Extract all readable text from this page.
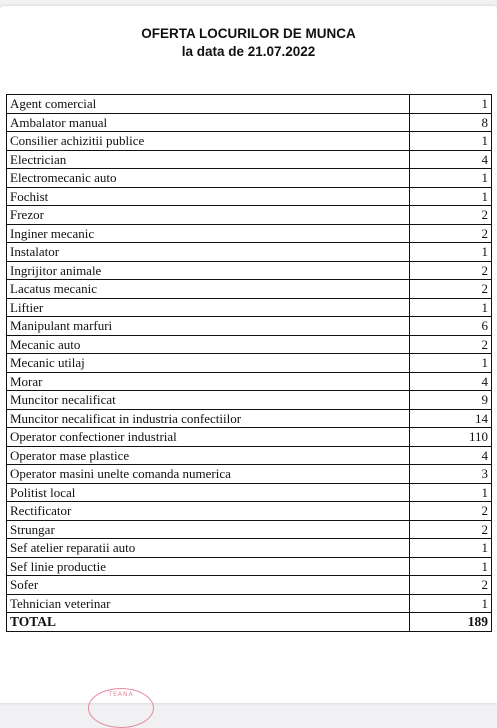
OFERTA LOCURILOR DE MUNCA

la data de 21.07.2022

Agent comercial	1
Ambalator manual	8
Consilier achizitii publice	1
Electrician	4
Electromecanic auto	1
Fochist	1
Frezor	2
Inginer mecanic	2
Instalator	1
Ingrijitor animale	2
Lacatus mecanic	2
Liftier	1
Manipulant marfuri	6
Mecanic auto	2
Mecanic utilaj	1
Morar	4
Muncitor necalificat	9
Muncitor necalificat in industria confectiilor	14
Operator confectioner industrial	110
Operator mase plastice	4
Operator masini unelte comanda numerica	3
Politist local	1
Rectificator	2
Strungar	2
Sef atelier reparatii auto	1
Sef linie productie	1
Sofer	2
Tehnician veterinar	1
TOTAL	189
TEANA
